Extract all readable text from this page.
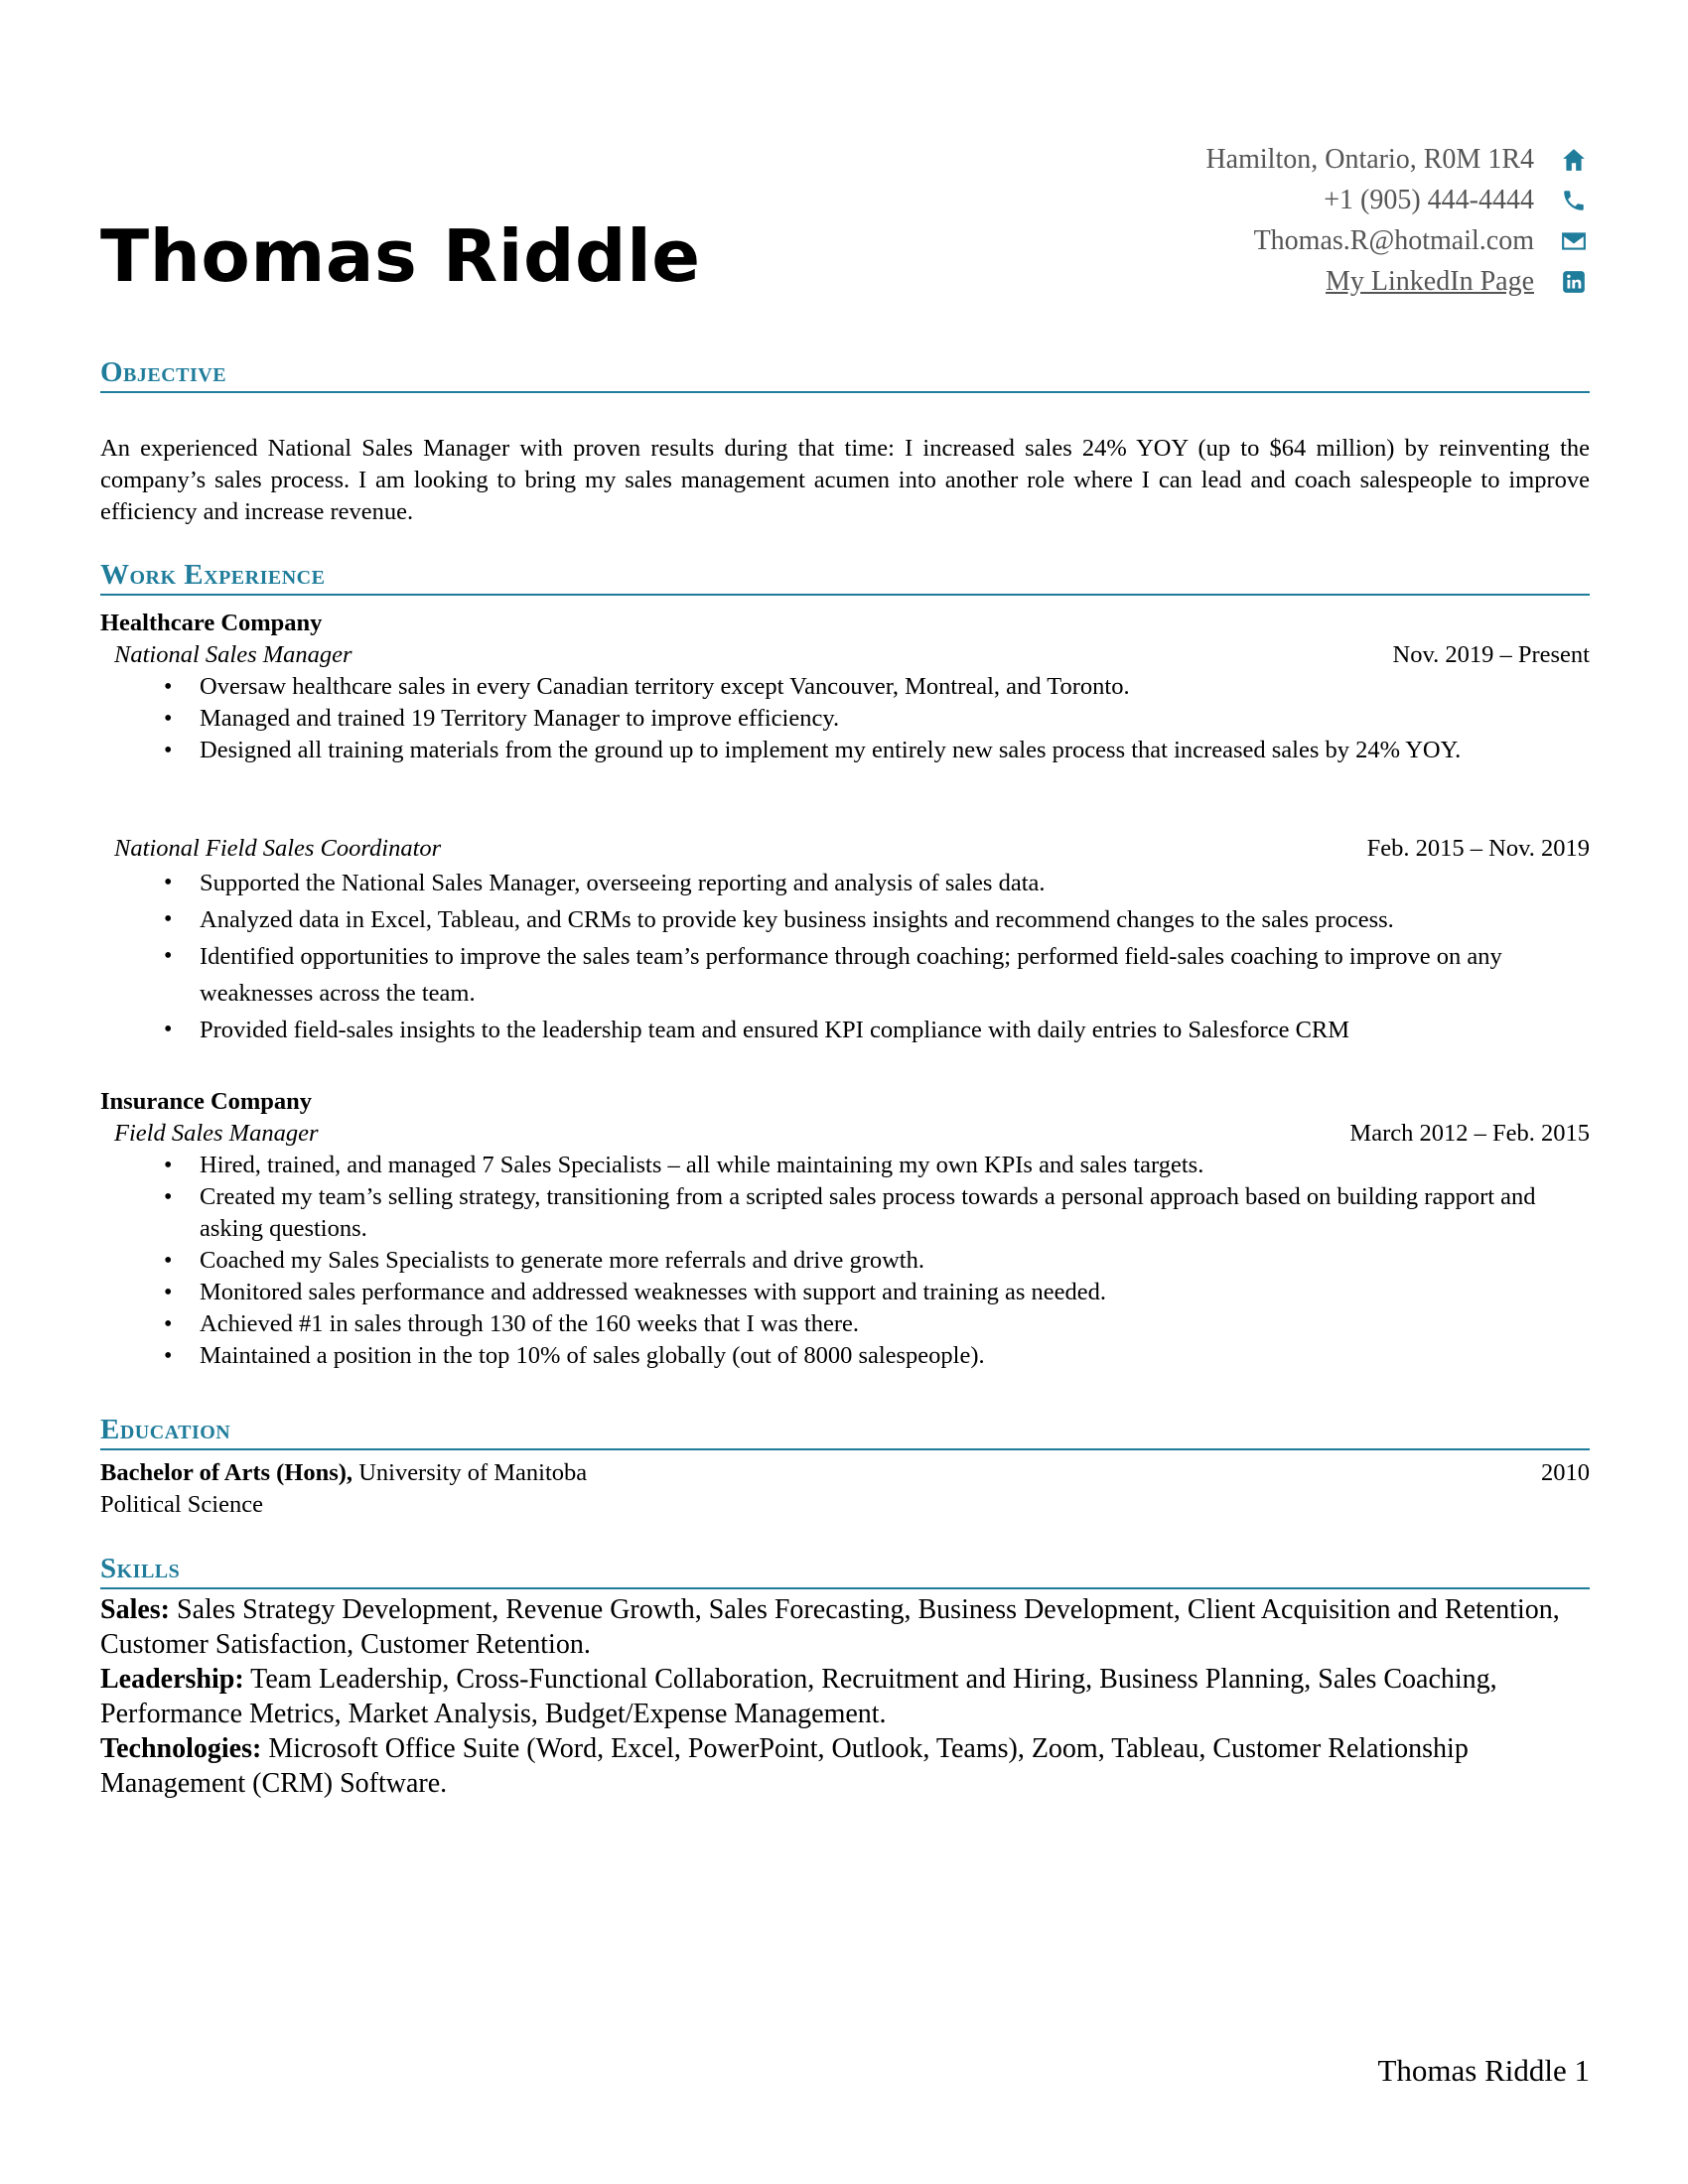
Thomas Riddle
Hamilton, Ontario, R0M 1R4
+1 (905) 444-4444
Thomas.R@hotmail.com
My LinkedIn Page
Objective
An experienced National Sales Manager with proven results during that time: I increased sales 24% YOY (up to $64 million) by reinventing the company’s sales process. I am looking to bring my sales management acumen into another role where I can lead and coach salespeople to improve efficiency and increase revenue.
Work Experience
Healthcare Company
National Sales Manager	Nov. 2019 – Present
• Oversaw healthcare sales in every Canadian territory except Vancouver, Montreal, and Toronto.
• Managed and trained 19 Territory Manager to improve efficiency.
• Designed all training materials from the ground up to implement my entirely new sales process that increased sales by 24% YOY.
National Field Sales Coordinator	Feb. 2015 – Nov. 2019
• Supported the National Sales Manager, overseeing reporting and analysis of sales data.
• Analyzed data in Excel, Tableau, and CRMs to provide key business insights and recommend changes to the sales process.
• Identified opportunities to improve the sales team’s performance through coaching; performed field-sales coaching to improve on any weaknesses across the team.
• Provided field-sales insights to the leadership team and ensured KPI compliance with daily entries to Salesforce CRM
Insurance Company
Field Sales Manager	March 2012 – Feb. 2015
• Hired, trained, and managed 7 Sales Specialists – all while maintaining my own KPIs and sales targets.
• Created my team’s selling strategy, transitioning from a scripted sales process towards a personal approach based on building rapport and asking questions.
• Coached my Sales Specialists to generate more referrals and drive growth.
• Monitored sales performance and addressed weaknesses with support and training as needed.
• Achieved #1 in sales through 130 of the 160 weeks that I was there.
• Maintained a position in the top 10% of sales globally (out of 8000 salespeople).
Education
Bachelor of Arts (Hons), University of Manitoba	2010
Political Science
Skills
Sales: Sales Strategy Development, Revenue Growth, Sales Forecasting, Business Development, Client Acquisition and Retention, Customer Satisfaction, Customer Retention.
Leadership: Team Leadership, Cross-Functional Collaboration, Recruitment and Hiring, Business Planning, Sales Coaching, Performance Metrics, Market Analysis, Budget/Expense Management.
Technologies: Microsoft Office Suite (Word, Excel, PowerPoint, Outlook, Teams), Zoom, Tableau, Customer Relationship Management (CRM) Software.
Thomas Riddle 1
